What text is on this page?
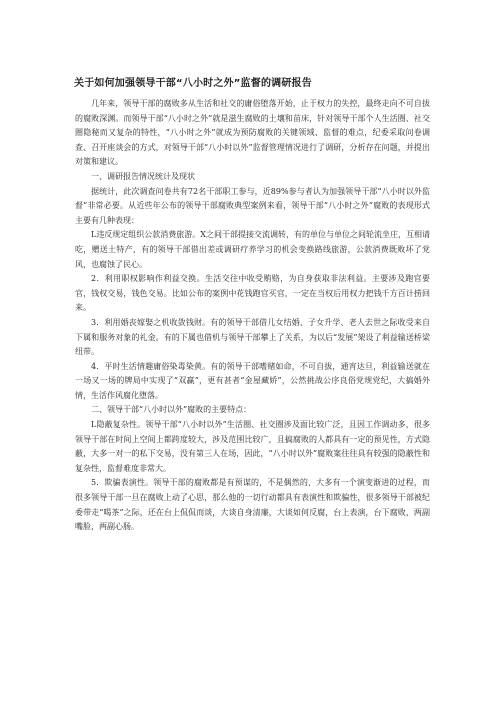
关于如何加强领导干部“八小时之外”监督的调研报告

几年来，领导干部的腐败多从生活和社交的庸俗堕落开始，止于权力的失控，最终走向不可自拔的腐败深渊。而领导干部“八小时之外”就是滋生腐败的土壤和苗床，针对领导干部个人生活圈、社交圈隐秘而又复杂的特性，“八小时之外”就成为预防腐败的关键领域、监督的难点，纪委采取问卷调查、召开座谈会的方式，对领导干部“八小时以外”监督管理情况进行了调研，分析存在问题，并提出对策和建议。

一、调研报告情况统计及现状

据统计，此次调查问卷共有72名干部职工参与，近89%参与者认为加强领导干部“八小时以外监督”非常必要。从近些年公布的领导干部腐败典型案例来看，领导干部“八小时之外”腐败的表现形式主要有几种表现：

L违反规定组织公款消费旅游。X之间干部提接交流调转，有的单位与单位之间轮流坐庄，互相请吃，赠送土特产，有的领导干部借出差或调研疗养学习的机会变换路线旅游，公款消费既败坏了党风，也腐蚀了民心。

2．利用职权影响作利益交换。生活交往中收受贿赂，为自身获取非法利益。主要涉及跑官要官，钱权交易，钱色交易。比如公布的案例中花钱跑官买官，一定在当权后用权力把钱千方百计捞回来。

3．利用婚丧嫁娶之机收敛钱财。有的领导干部借儿女结婚、子女升学、老人去世之际收受来自下属和服务对象的礼金。有的下属也借机与领导干部攀上了关系，为以后“发展”架设了利益输送桥梁纽带。

4．平时生活情趣庸俗染毒染黄。有的领导干部嗜赌如命，不可自拔，通宵达旦，利益输送就在一场又一场的牌局中实现了“双赢”，更有甚者“金屋藏娇”，公然挑战公序良俗党规党纪，大搞婚外情，生活作风腐化堕落。

二、领导干部“八小时以外”腐败的主要特点：

L隐蔽复杂性。领导干部“八小时以外”生活圈、社交圈涉及面比较广泛，且因工作调动多，很多领导干部在时间上空间上都跨度较大，涉及范围比较广，且搞腐败的人都具有一定的预见性，方式隐蔽，大多一对一的私下交易，没有第三人在场，因此，“八小时以外”腐败案往往具有较强的隐蔽性和复杂性，监督难度非常大。

5．欺骗表演性。领导干部的腐败都是有预谋的，不是偶然的，大多有一个演变渐进的过程，而很多领导干部一旦在腐败上动了心思，那么他的一切行动都具有表演性和欺骗性，很多领导干部被纪委带走“喝茶”之际，还在台上侃侃而谈，大谈自身清廉，大谈如何反腐，台上表演，台下腐败，两副嘴脸，两副心肠。
